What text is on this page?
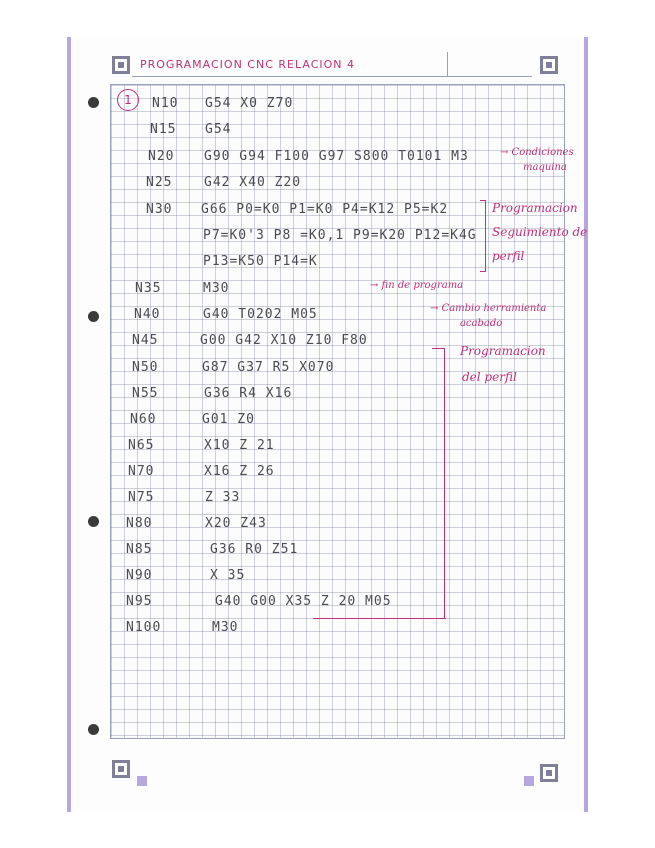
PROGRAMACION CNC RELACION 4
1	N10 G54 X0 Z70
N15 G54
N20 G90 G94 F100 G97 S800 T0101 M3
N25 G42 X40 Z20
N30 G66 P0=K0 P1=K0 P4=K12 P5=K2
P7=K0'3 P8 =K0,1 P9=K20 P12=K4G
P13=K50 P14=K
N35	M30
N40	G40 T0202 M05
N45	G00 G42 X10 Z10 F80
N50	G87 G37 R5 X070
N55	G36 R4 X16
N60	G01 Z0
N65	X10 Z 21
N70	X16 Z 26
N75	Z 33
N80	X20 Z43
N85	G36 R0 Z51
N90	X 35
N95	G40 G00 X35 Z 20 M05
N100	M30
→ Condiciones
maquina
Programacion
Seguimiento de
perfil
→ fin de programa
→ Cambio herramienta
acabado
Programacion
del perfil
